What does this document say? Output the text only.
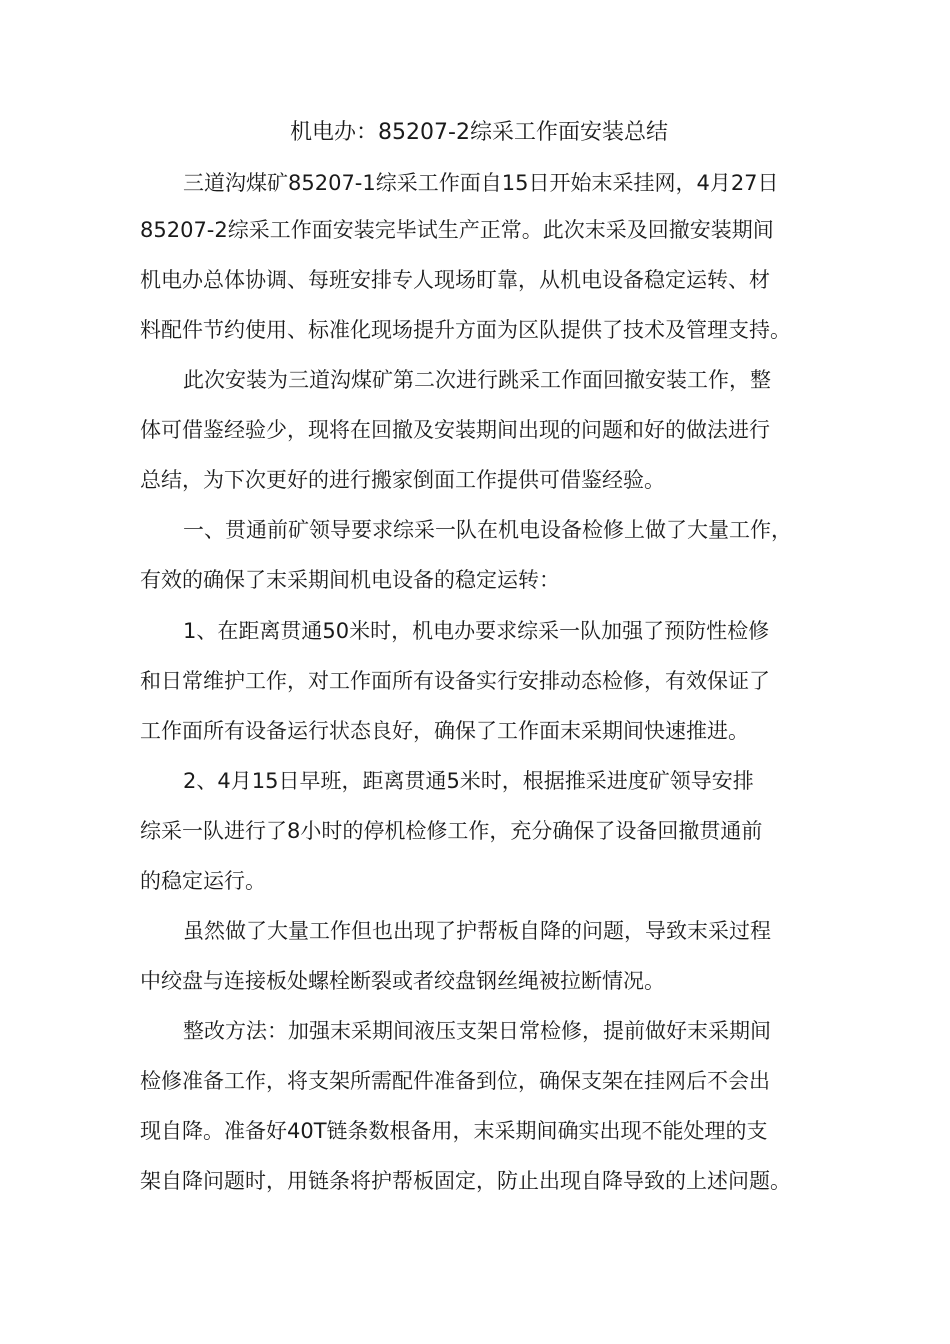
机电办：85207-2综采工作面安装总结
三道沟煤矿85207-1综采工作面自15日开始末采挂网，4月27日
85207-2综采工作面安装完毕试生产正常。此次末采及回撤安装期间
机电办总体协调、每班安排专人现场盯靠，从机电设备稳定运转、材
料配件节约使用、标准化现场提升方面为区队提供了技术及管理支持。
此次安装为三道沟煤矿第二次进行跳采工作面回撤安装工作，整
体可借鉴经验少，现将在回撤及安装期间出现的问题和好的做法进行
总结，为下次更好的进行搬家倒面工作提供可借鉴经验。
一、贯通前矿领导要求综采一队在机电设备检修上做了大量工作，
有效的确保了末采期间机电设备的稳定运转：
1、在距离贯通50米时，机电办要求综采一队加强了预防性检修
和日常维护工作，对工作面所有设备实行安排动态检修，有效保证了
工作面所有设备运行状态良好，确保了工作面末采期间快速推进。
2、4月15日早班，距离贯通5米时，根据推采进度矿领导安排
综采一队进行了8小时的停机检修工作，充分确保了设备回撤贯通前
的稳定运行。
虽然做了大量工作但也出现了护帮板自降的问题，导致末采过程
中绞盘与连接板处螺栓断裂或者绞盘钢丝绳被拉断情况。
整改方法：加强末采期间液压支架日常检修，提前做好末采期间
检修准备工作，将支架所需配件准备到位，确保支架在挂网后不会出
现自降。准备好40T链条数根备用，末采期间确实出现不能处理的支
架自降问题时，用链条将护帮板固定，防止出现自降导致的上述问题。
